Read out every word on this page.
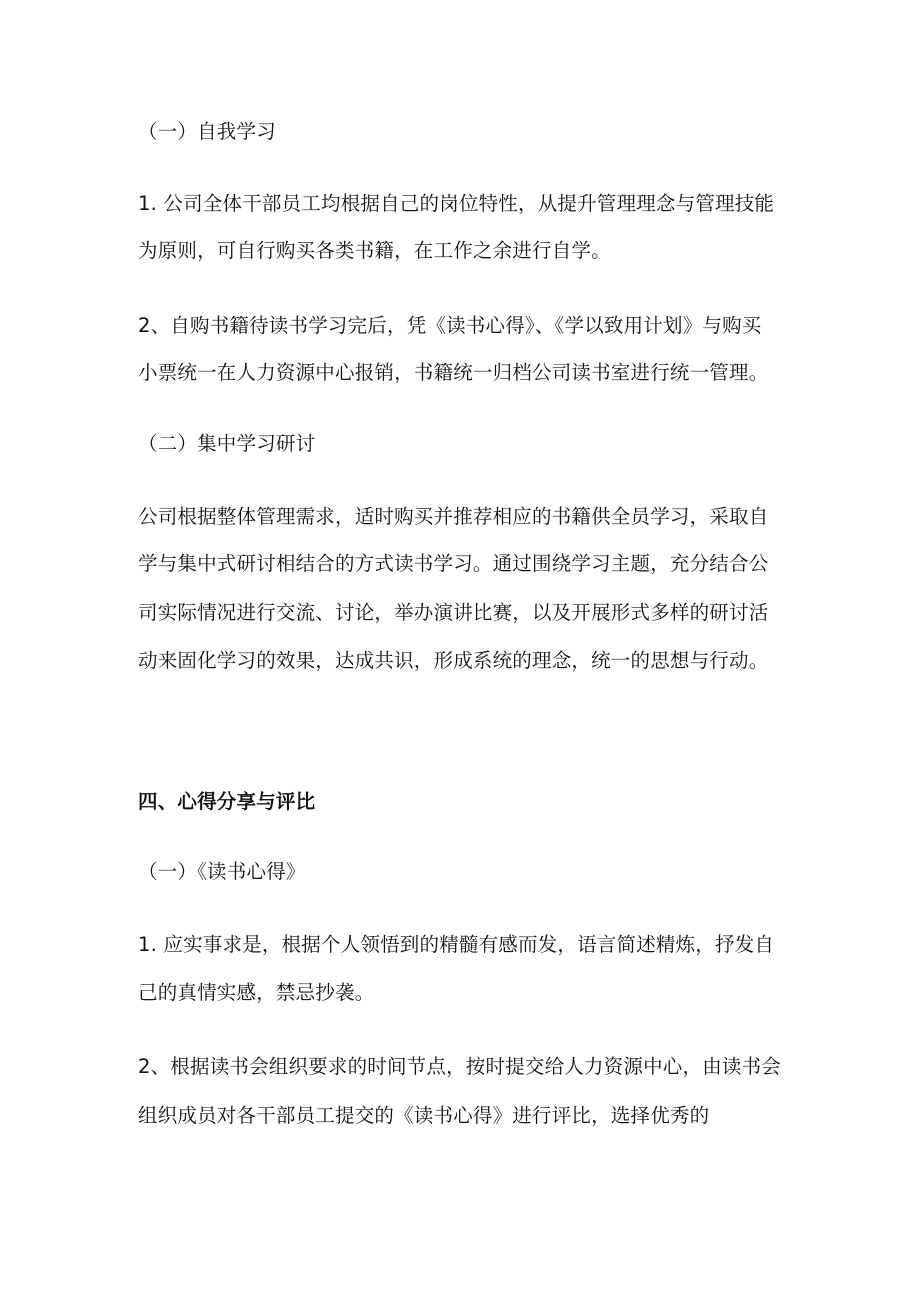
（一）自我学习
1. 公司全体干部员工均根据自己的岗位特性，从提升管理理念与管理技能
为原则，可自行购买各类书籍，在工作之余进行自学。
2、自购书籍待读书学习完后，凭《读书心得》、《学以致用计划》与购买
小票统一在人力资源中心报销，书籍统一归档公司读书室进行统一管理。
（二）集中学习研讨
公司根据整体管理需求，适时购买并推荐相应的书籍供全员学习，采取自
学与集中式研讨相结合的方式读书学习。通过围绕学习主题，充分结合公
司实际情况进行交流、讨论，举办演讲比赛，以及开展形式多样的研讨活
动来固化学习的效果，达成共识，形成系统的理念，统一的思想与行动。
四、心得分享与评比
（一）《读书心得》
1. 应实事求是，根据个人领悟到的精髓有感而发，语言简述精炼，抒发自
己的真情实感，禁忌抄袭。
2、根据读书会组织要求的时间节点，按时提交给人力资源中心，由读书会
组织成员对各干部员工提交的《读书心得》进行评比，选择优秀的
